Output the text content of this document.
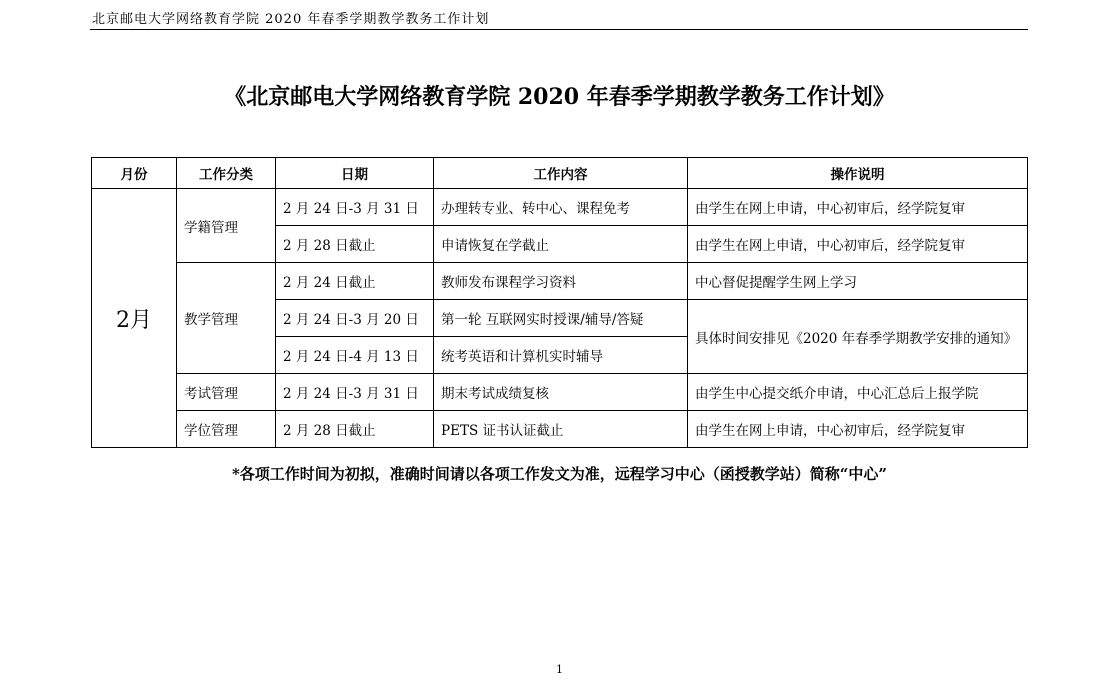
北京邮电大学网络教育学院 2020 年春季学期教学教务工作计划
《北京邮电大学网络教育学院 2020 年春季学期教学教务工作计划》
月份	工作分类	日期	工作内容	操作说明
2月	学籍管理	2 月 24 日-3 月 31 日	办理转专业、转中心、课程免考	由学生在网上申请，中心初审后，经学院复审
		2 月 28 日截止	申请恢复在学截止	由学生在网上申请，中心初审后，经学院复审
	教学管理	2 月 24 日截止	教师发布课程学习资料	中心督促提醒学生网上学习
		2 月 24 日-3 月 20 日	第一轮 互联网实时授课/辅导/答疑	具体时间安排见《2020 年春季学期教学安排的通知》
		2 月 24 日-4 月 13 日	统考英语和计算机实时辅导	
	考试管理	2 月 24 日-3 月 31 日	期末考试成绩复核	由学生中心提交纸介申请，中心汇总后上报学院
	学位管理	2 月 28 日截止	PETS 证书认证截止	由学生在网上申请，中心初审后，经学院复审
*各项工作时间为初拟，准确时间请以各项工作发文为准，远程学习中心（函授教学站）简称“中心”
1
